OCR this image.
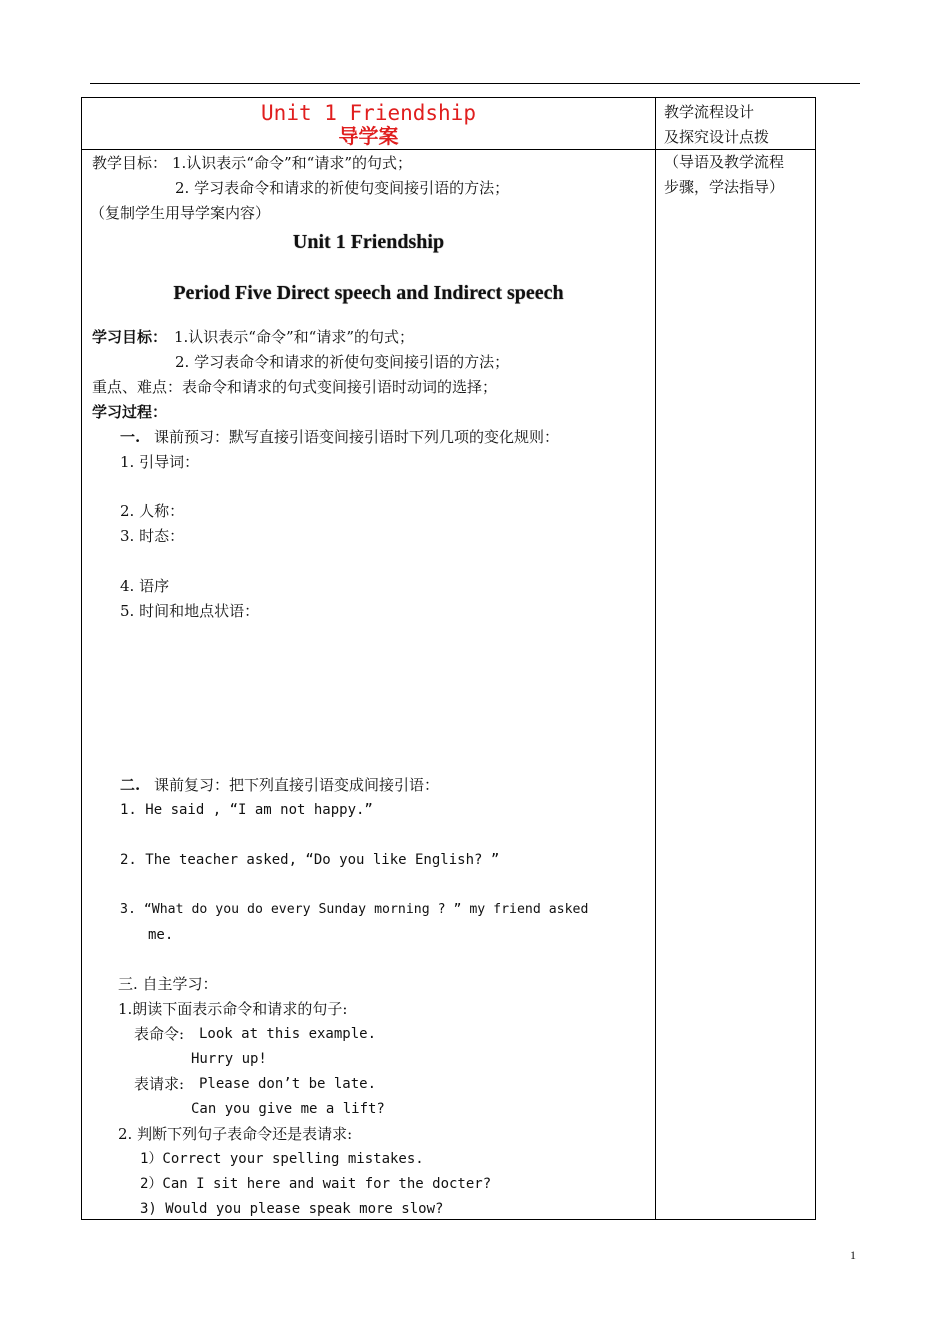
Unit 1 Friendship
导学案
教学流程设计
及探究设计点拨
（导语及教学流程
步骤，学法指导）
教学目标： 1.认识表示“命令”和“请求”的句式；
2. 学习表命令和请求的祈使句变间接引语的方法；
（复制学生用导学案内容）
Unit 1 Friendship
Period Five Direct speech and Indirect speech
学习目标： 1.认识表示“命令”和“请求”的句式；
2. 学习表命令和请求的祈使句变间接引语的方法；
重点、难点：表命令和请求的句式变间接引语时动词的选择；
学习过程：
一. 课前预习：默写直接引语变间接引语时下列几项的变化规则：
1. 引导词：
2. 人称：
3. 时态：
4. 语序
5. 时间和地点状语：
二. 课前复习：把下列直接引语变成间接引语：
1. He said , “I am not happy.”
2. The teacher asked, “Do you like English? ”
3. “What do you do every Sunday morning ? ” my friend asked
me.
三. 自主学习：
1.朗读下面表示命令和请求的句子:
表命令: Look at this example.
Hurry up!
表请求: Please don’t be late.
Can you give me a lift?
2. 判断下列句子表命令还是表请求:
1）Correct your spelling mistakes.
2）Can I sit here and wait for the docter?
3) Would you please speak more slow?
1
